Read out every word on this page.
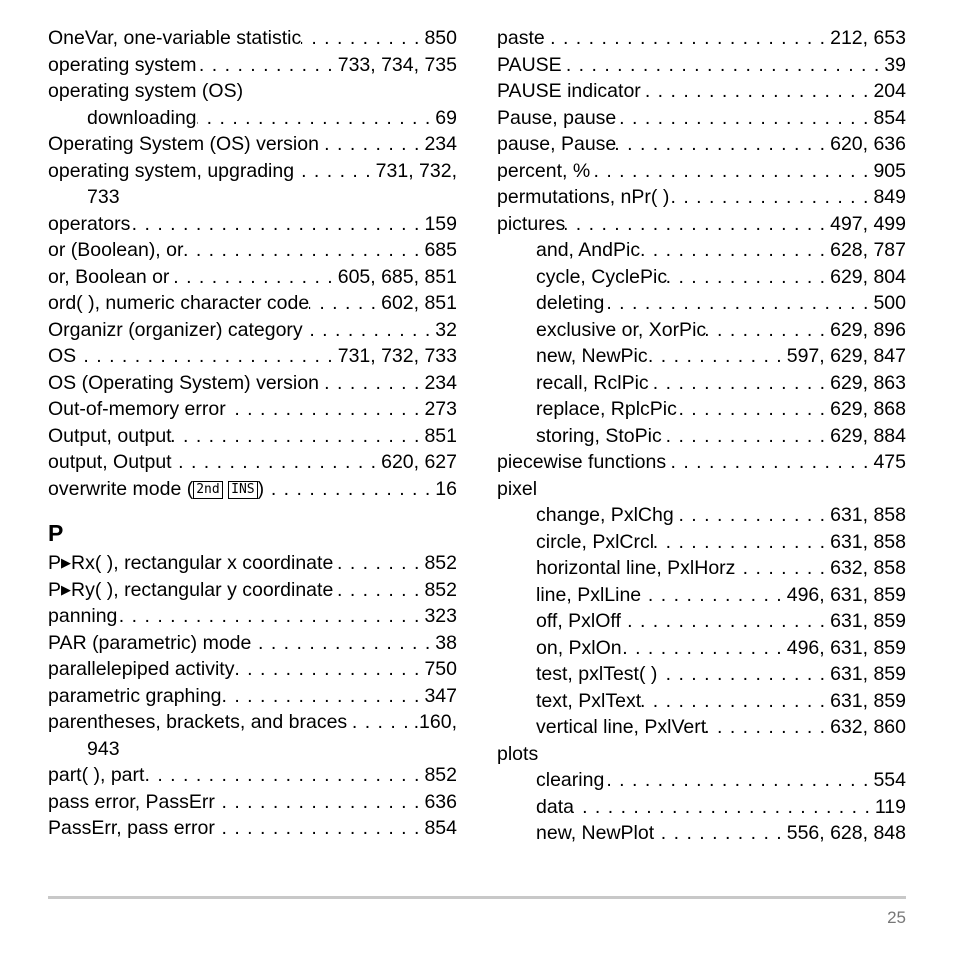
OneVar, one-variable statistic . . .	850
operating system . . .	733, 734, 735
operating system (OS)
downloading . . .	69
Operating System (OS) version . . .	234
operating system, upgrading . . .	731, 732,
733
operators . . .	159
or (Boolean), or . . .	685
or, Boolean or . . .	605, 685, 851
ord( ), numeric character code . . .	602, 851
Organizr (organizer) category . . .	32
OS . . .	731, 732, 733
OS (Operating System) version . . .	234
Out-of-memory error . . .	273
Output, output . . .	851
output, Output . . .	620, 627
overwrite mode ( 2nd INS ) . . .	16
P
P▶Rx( ), rectangular x coordinate . . .	852
P▶Ry( ), rectangular y coordinate . . .	852
panning . . .	323
PAR (parametric) mode . . .	38
parallelepiped activity . . .	750
parametric graphing . . .	347
parentheses, brackets, and braces . . .	.160,
943
part( ), part . . .	852
pass error, PassErr . . .	636
PassErr, pass error . . .	854
paste . . .	212, 653
PAUSE . . .	39
PAUSE indicator . . .	204
Pause, pause . . .	854
pause, Pause . . .	620, 636
percent, % . . .	905
permutations, nPr( ) . . .	849
pictures . . .	497, 499
and, AndPic . . .	628, 787
cycle, CyclePic . . .	629, 804
deleting . . .	500
exclusive or, XorPic . . .	629, 896
new, NewPic . . .	597, 629, 847
recall, RclPic . . .	629, 863
replace, RplcPic . . .	629, 868
storing, StoPic . . .	629, 884
piecewise functions . . .	475
pixel
change, PxlChg . . .	631, 858
circle, PxlCrcl . . .	631, 858
horizontal line, PxlHorz . . .	632, 858
line, PxlLine . . .	496, 631, 859
off, PxlOff . . .	631, 859
on, PxlOn . . .	496, 631, 859
test, pxlTest( ) . . .	631, 859
text, PxlText . . .	631, 859
vertical line, PxlVert . . .	632, 860
plots
clearing . . .	554
data . . .	119
new, NewPlot . . .	556, 628, 848
25
